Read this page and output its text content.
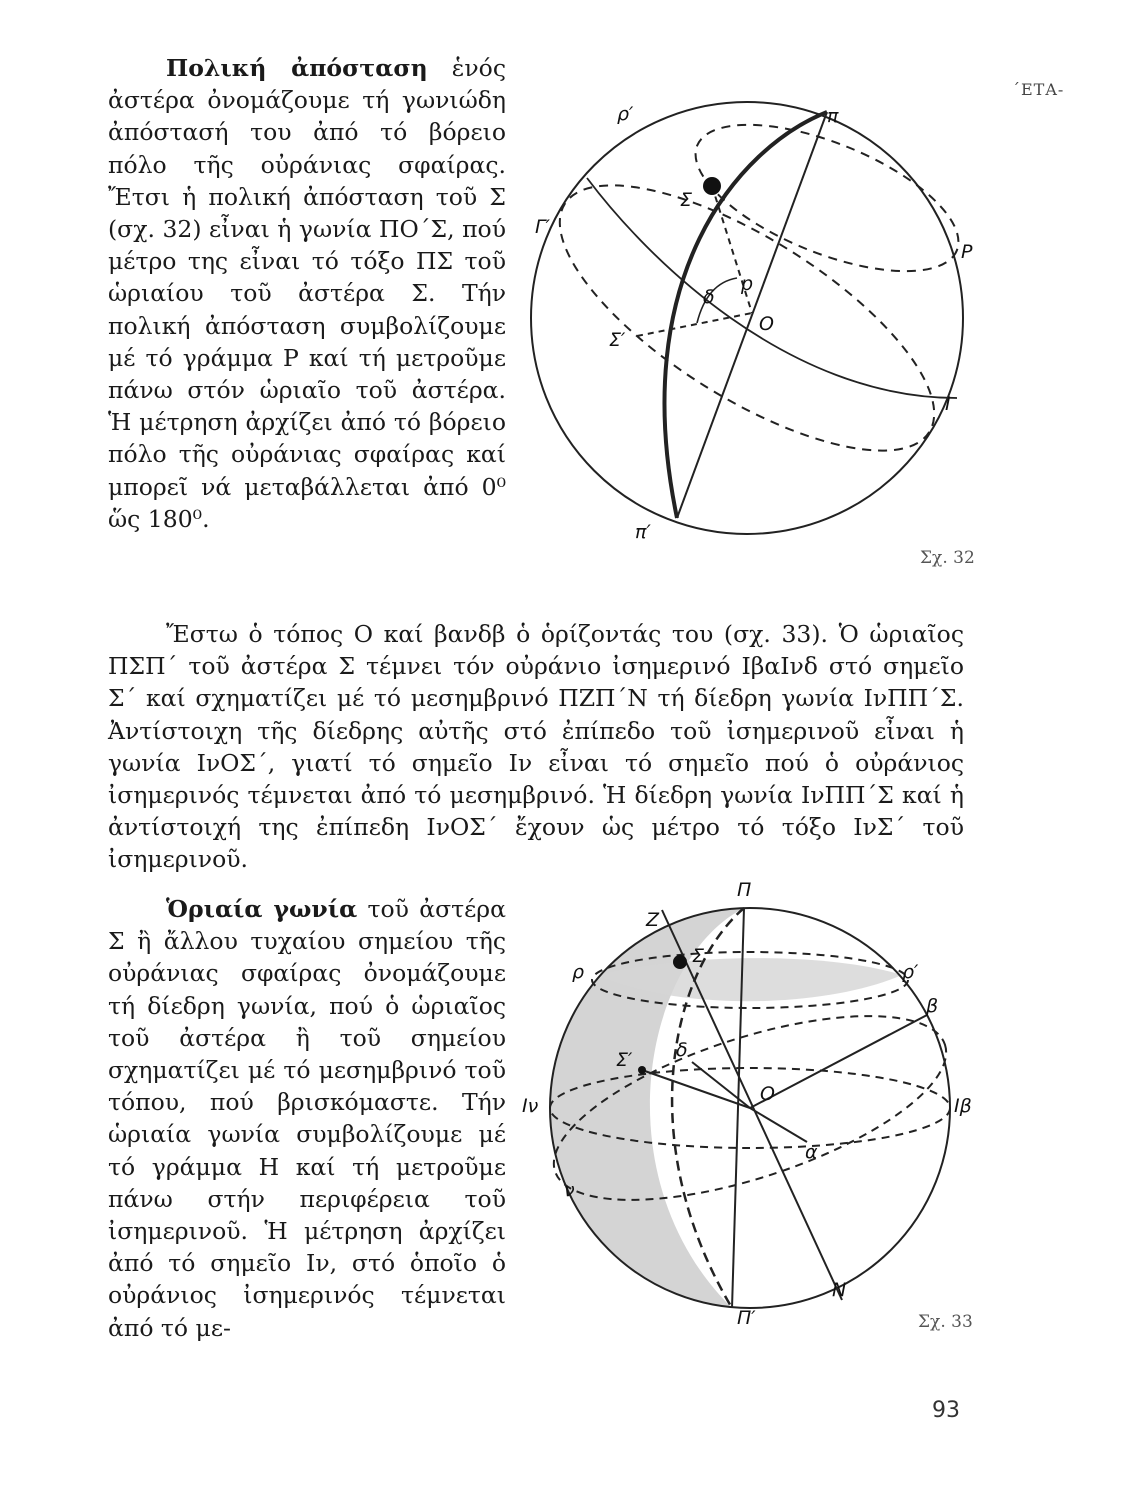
´ΕΤΑ-

Πολική ἀπόσταση ἑνός ἀστέρα ὀνομάζουμε τή γωνιώδη ἀπόστασή του ἀπό τό βόρειο πόλο τῆς οὐράνιας σφαίρας. Ἔτσι ἡ πολική ἀπόσταση τοῦ Σ (σχ. 32) εἶναι ἡ γωνία ΠΟ΄Σ, πού μέτρο της εἶναι τό τόξο ΠΣ τοῦ ὡριαίου τοῦ ἀστέρα Σ. Τήν πολική ἀπόσταση συμβολίζουμε μέ τό γράμμα Ρ καί τή μετροῦμε πάνω στόν ὡριαῖο τοῦ ἀστέρα. Ἡ μέτρηση ἀρχίζει ἀπό τό βόρειο πόλο τῆς οὐράνιας σφαίρας καί μπορεῖ νά μεταβάλλεται ἀπό 0⁰ ὥς 180⁰.

ρ′	π
Σ
Γ′
P
δ
p
O
Σ′
I
π′
Σχ. 32

Ἔστω ὁ τόπος Ο καί βανδβ ὁ ὁρίζοντάς του (σχ. 33). Ὁ ὡριαῖος ΠΣΠ΄ τοῦ ἀστέρα Σ τέμνει τόν οὐράνιο ἰσημερινό ΙβαΙνδ στό σημεῖο Σ΄ καί σχηματίζει μέ τό μεσημβρινό ΠΖΠ΄Ν τή δίεδρη γωνία ΙνΠΠ΄Σ. Ἀντίστοιχη τῆς δίεδρης αὐτῆς στό ἐπίπεδο τοῦ ἰσημερινοῦ εἶναι ἡ γωνία ΙνΟΣ΄, γιατί τό σημεῖο Ιν εἶναι τό σημεῖο πού ὁ οὐράνιος ἰσημερινός τέμνεται ἀπό τό μεσημβρινό. Ἡ δίεδρη γωνία ΙνΠΠ΄Σ καί ἡ ἀντίστοιχή της ἐπίπεδη ΙνΟΣ΄ ἔχουν ὡς μέτρο τό τόξο ΙνΣ΄ τοῦ ἰσημερινοῦ.

Ὁριαία γωνία τοῦ ἀστέρα Σ ἢ ἄλλου τυχαίου σημείου τῆς οὐράνιας σφαίρας ὀνομάζουμε τή δίεδρη γωνία, πού ὁ ὡριαῖος τοῦ ἀστέρα ἢ τοῦ σημείου σχηματίζει μέ τό μεσημβρινό τοῦ τόπου, πού βρισκόμαστε. Τήν ὡριαία γωνία συμβολίζουμε μέ τό γράμμα Η καί τή μετροῦμε πάνω στήν περιφέρεια τοῦ ἰσημερινοῦ. Ἡ μέτρηση ἀρχίζει ἀπό τό σημεῖο Ιν, στό ὁποῖο ὁ οὐράνιος ἰσημερινός τέμνεται ἀπό τό με-

Π
Z
Σ
ρ	ρ′
β
Σ′ δ
Iν
O
Iβ
α
Ν
ν
Π′	Σχ. 33
93
